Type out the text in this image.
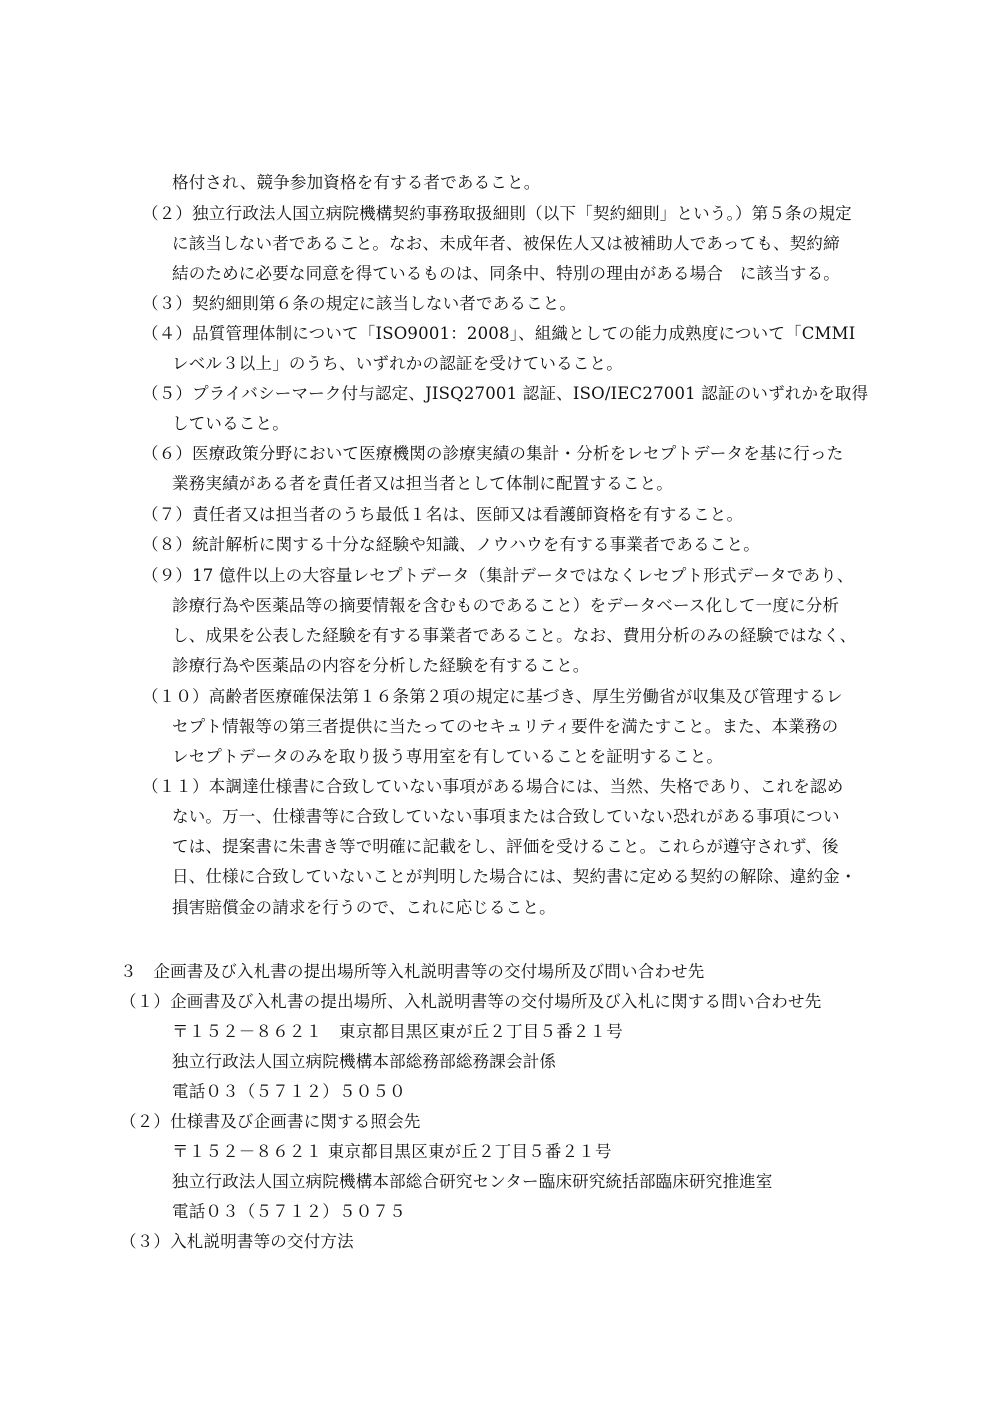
格付され、競争参加資格を有する者であること。
（２）独立行政法人国立病院機構契約事務取扱細則（以下「契約細則」という。）第５条の規定
に該当しない者であること。なお、未成年者、被保佐人又は被補助人であっても、契約締
結のために必要な同意を得ているものは、同条中、特別の理由がある場合　に該当する。
（３）契約細則第６条の規定に該当しない者であること。
（４）品質管理体制について「ISO9001：2008」、組織としての能力成熟度について「CMMI
レベル３以上」のうち、いずれかの認証を受けていること。
（５）プライバシーマーク付与認定、JISQ27001 認証、ISO/IEC27001 認証のいずれかを取得
していること。
（６）医療政策分野において医療機関の診療実績の集計・分析をレセプトデータを基に行った
業務実績がある者を責任者又は担当者として体制に配置すること。
（７）責任者又は担当者のうち最低１名は、医師又は看護師資格を有すること。
（８）統計解析に関する十分な経験や知識、ノウハウを有する事業者であること。
（９）17 億件以上の大容量レセプトデータ（集計データではなくレセプト形式データであり、
診療行為や医薬品等の摘要情報を含むものであること）をデータベース化して一度に分析
し、成果を公表した経験を有する事業者であること。なお、費用分析のみの経験ではなく、
診療行為や医薬品の内容を分析した経験を有すること。
（１０）高齢者医療確保法第１６条第２項の規定に基づき、厚生労働省が収集及び管理するレ
セプト情報等の第三者提供に当たってのセキュリティ要件を満たすこと。また、本業務の
レセプトデータのみを取り扱う専用室を有していることを証明すること。
（１１）本調達仕様書に合致していない事項がある場合には、当然、失格であり、これを認め
ない。万一、仕様書等に合致していない事項または合致していない恐れがある事項につい
ては、提案書に朱書き等で明確に記載をし、評価を受けること。これらが遵守されず、後
日、仕様に合致していないことが判明した場合には、契約書に定める契約の解除、違約金・
損害賠償金の請求を行うので、これに応じること。
３　企画書及び入札書の提出場所等入札説明書等の交付場所及び問い合わせ先
（１）企画書及び入札書の提出場所、入札説明書等の交付場所及び入札に関する問い合わせ先
〒１５２－８６２１　東京都目黒区東が丘２丁目５番２１号
独立行政法人国立病院機構本部総務部総務課会計係
電話０３（５７１２）５０５０
（２）仕様書及び企画書に関する照会先
〒１５２－８６２１ 東京都目黒区東が丘２丁目５番２１号
独立行政法人国立病院機構本部総合研究センター臨床研究統括部臨床研究推進室
電話０３（５７１２）５０７５
（３）入札説明書等の交付方法
